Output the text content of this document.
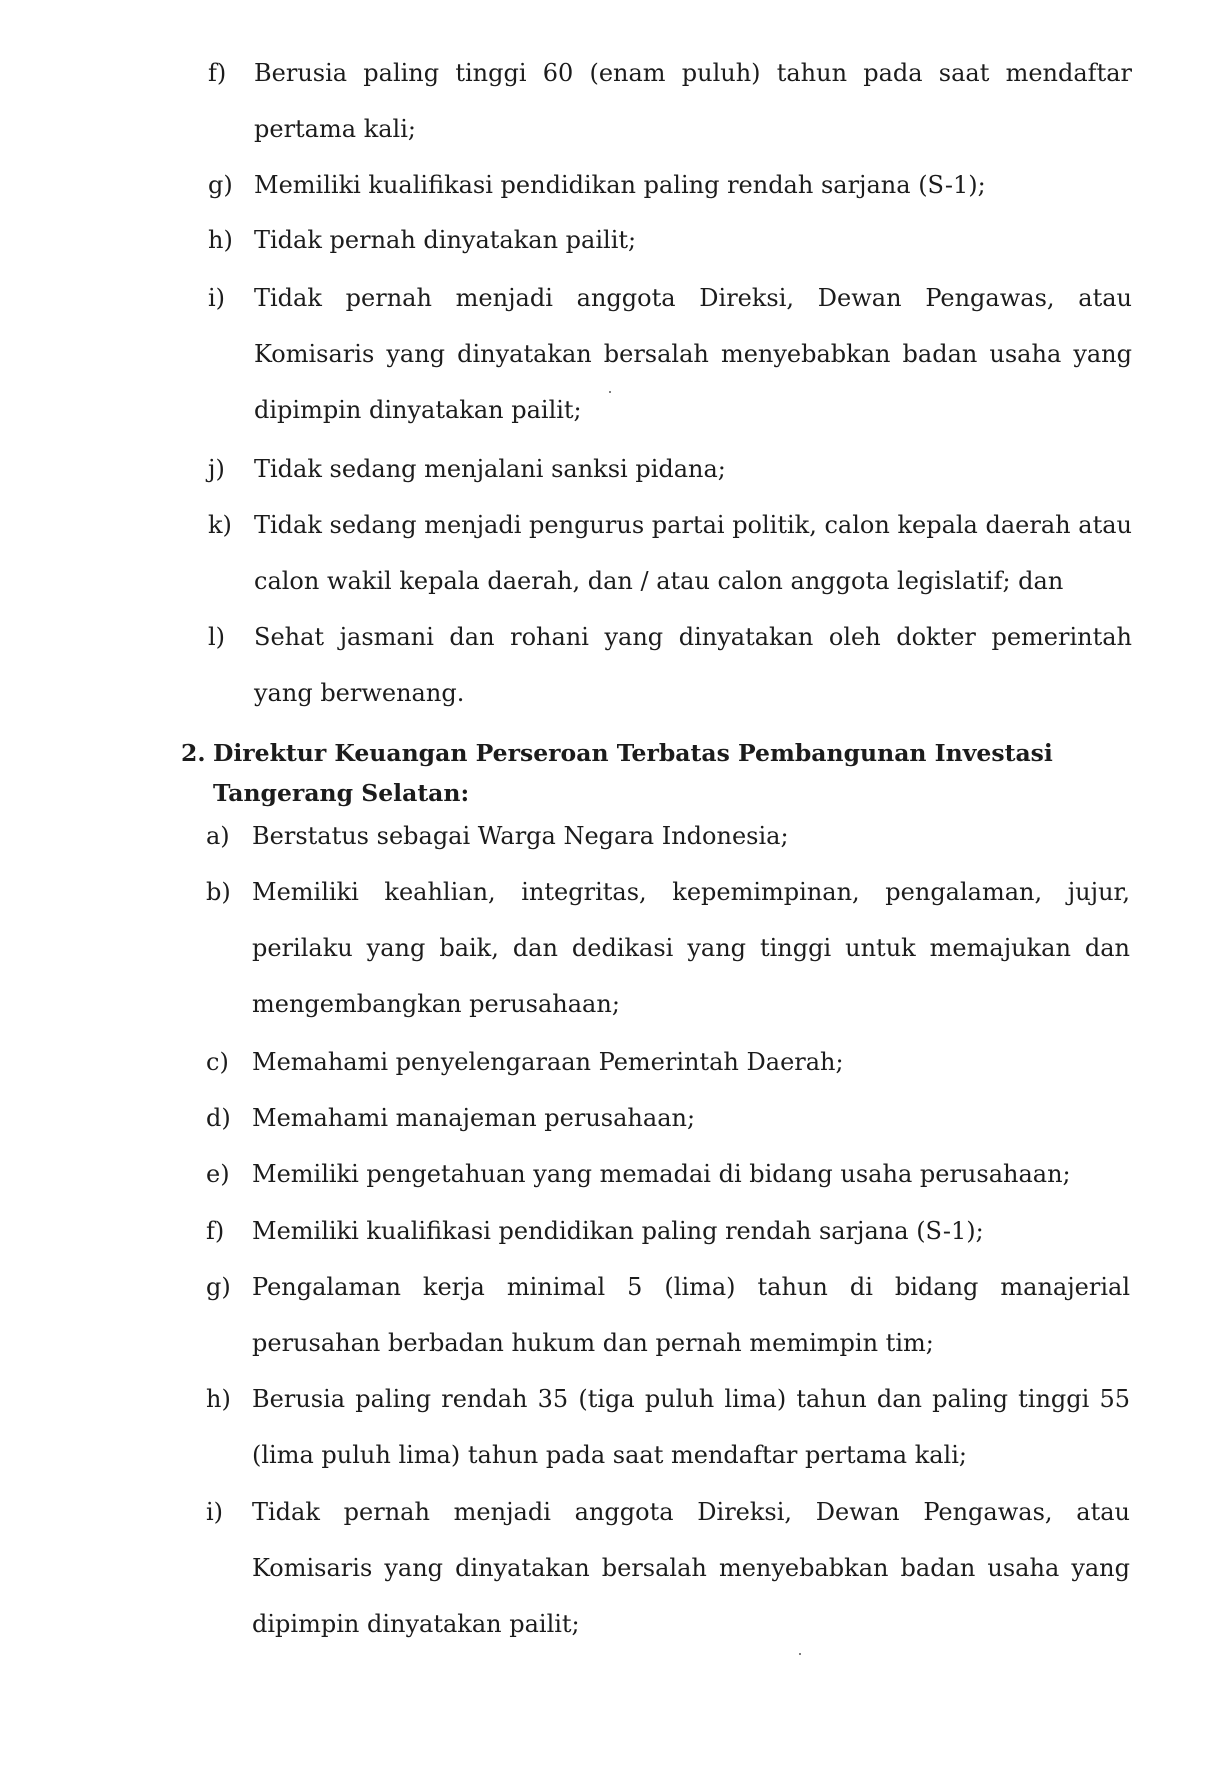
f) Berusia paling tinggi 60 (enam puluh) tahun pada saat mendaftar pertama kali;
g) Memiliki kualifikasi pendidikan paling rendah sarjana (S-1);
h) Tidak pernah dinyatakan pailit;
i) Tidak pernah menjadi anggota Direksi, Dewan Pengawas, atau Komisaris yang dinyatakan bersalah menyebabkan badan usaha yang dipimpin dinyatakan pailit;
j) Tidak sedang menjalani sanksi pidana;
k) Tidak sedang menjadi pengurus partai politik, calon kepala daerah atau calon wakil kepala daerah, dan / atau calon anggota legislatif; dan
l) Sehat jasmani dan rohani yang dinyatakan oleh dokter pemerintah yang berwenang.
2. Direktur Keuangan Perseroan Terbatas Pembangunan Investasi Tangerang Selatan:
a) Berstatus sebagai Warga Negara Indonesia;
b) Memiliki keahlian, integritas, kepemimpinan, pengalaman, jujur, perilaku yang baik, dan dedikasi yang tinggi untuk memajukan dan mengembangkan perusahaan;
c) Memahami penyelengaraan Pemerintah Daerah;
d) Memahami manajeman perusahaan;
e) Memiliki pengetahuan yang memadai di bidang usaha perusahaan;
f) Memiliki kualifikasi pendidikan paling rendah sarjana (S-1);
g) Pengalaman kerja minimal 5 (lima) tahun di bidang manajerial perusahan berbadan hukum dan pernah memimpin tim;
h) Berusia paling rendah 35 (tiga puluh lima) tahun dan paling tinggi 55 (lima puluh lima) tahun pada saat mendaftar pertama kali;
i) Tidak pernah menjadi anggota Direksi, Dewan Pengawas, atau Komisaris yang dinyatakan bersalah menyebabkan badan usaha yang dipimpin dinyatakan pailit;
